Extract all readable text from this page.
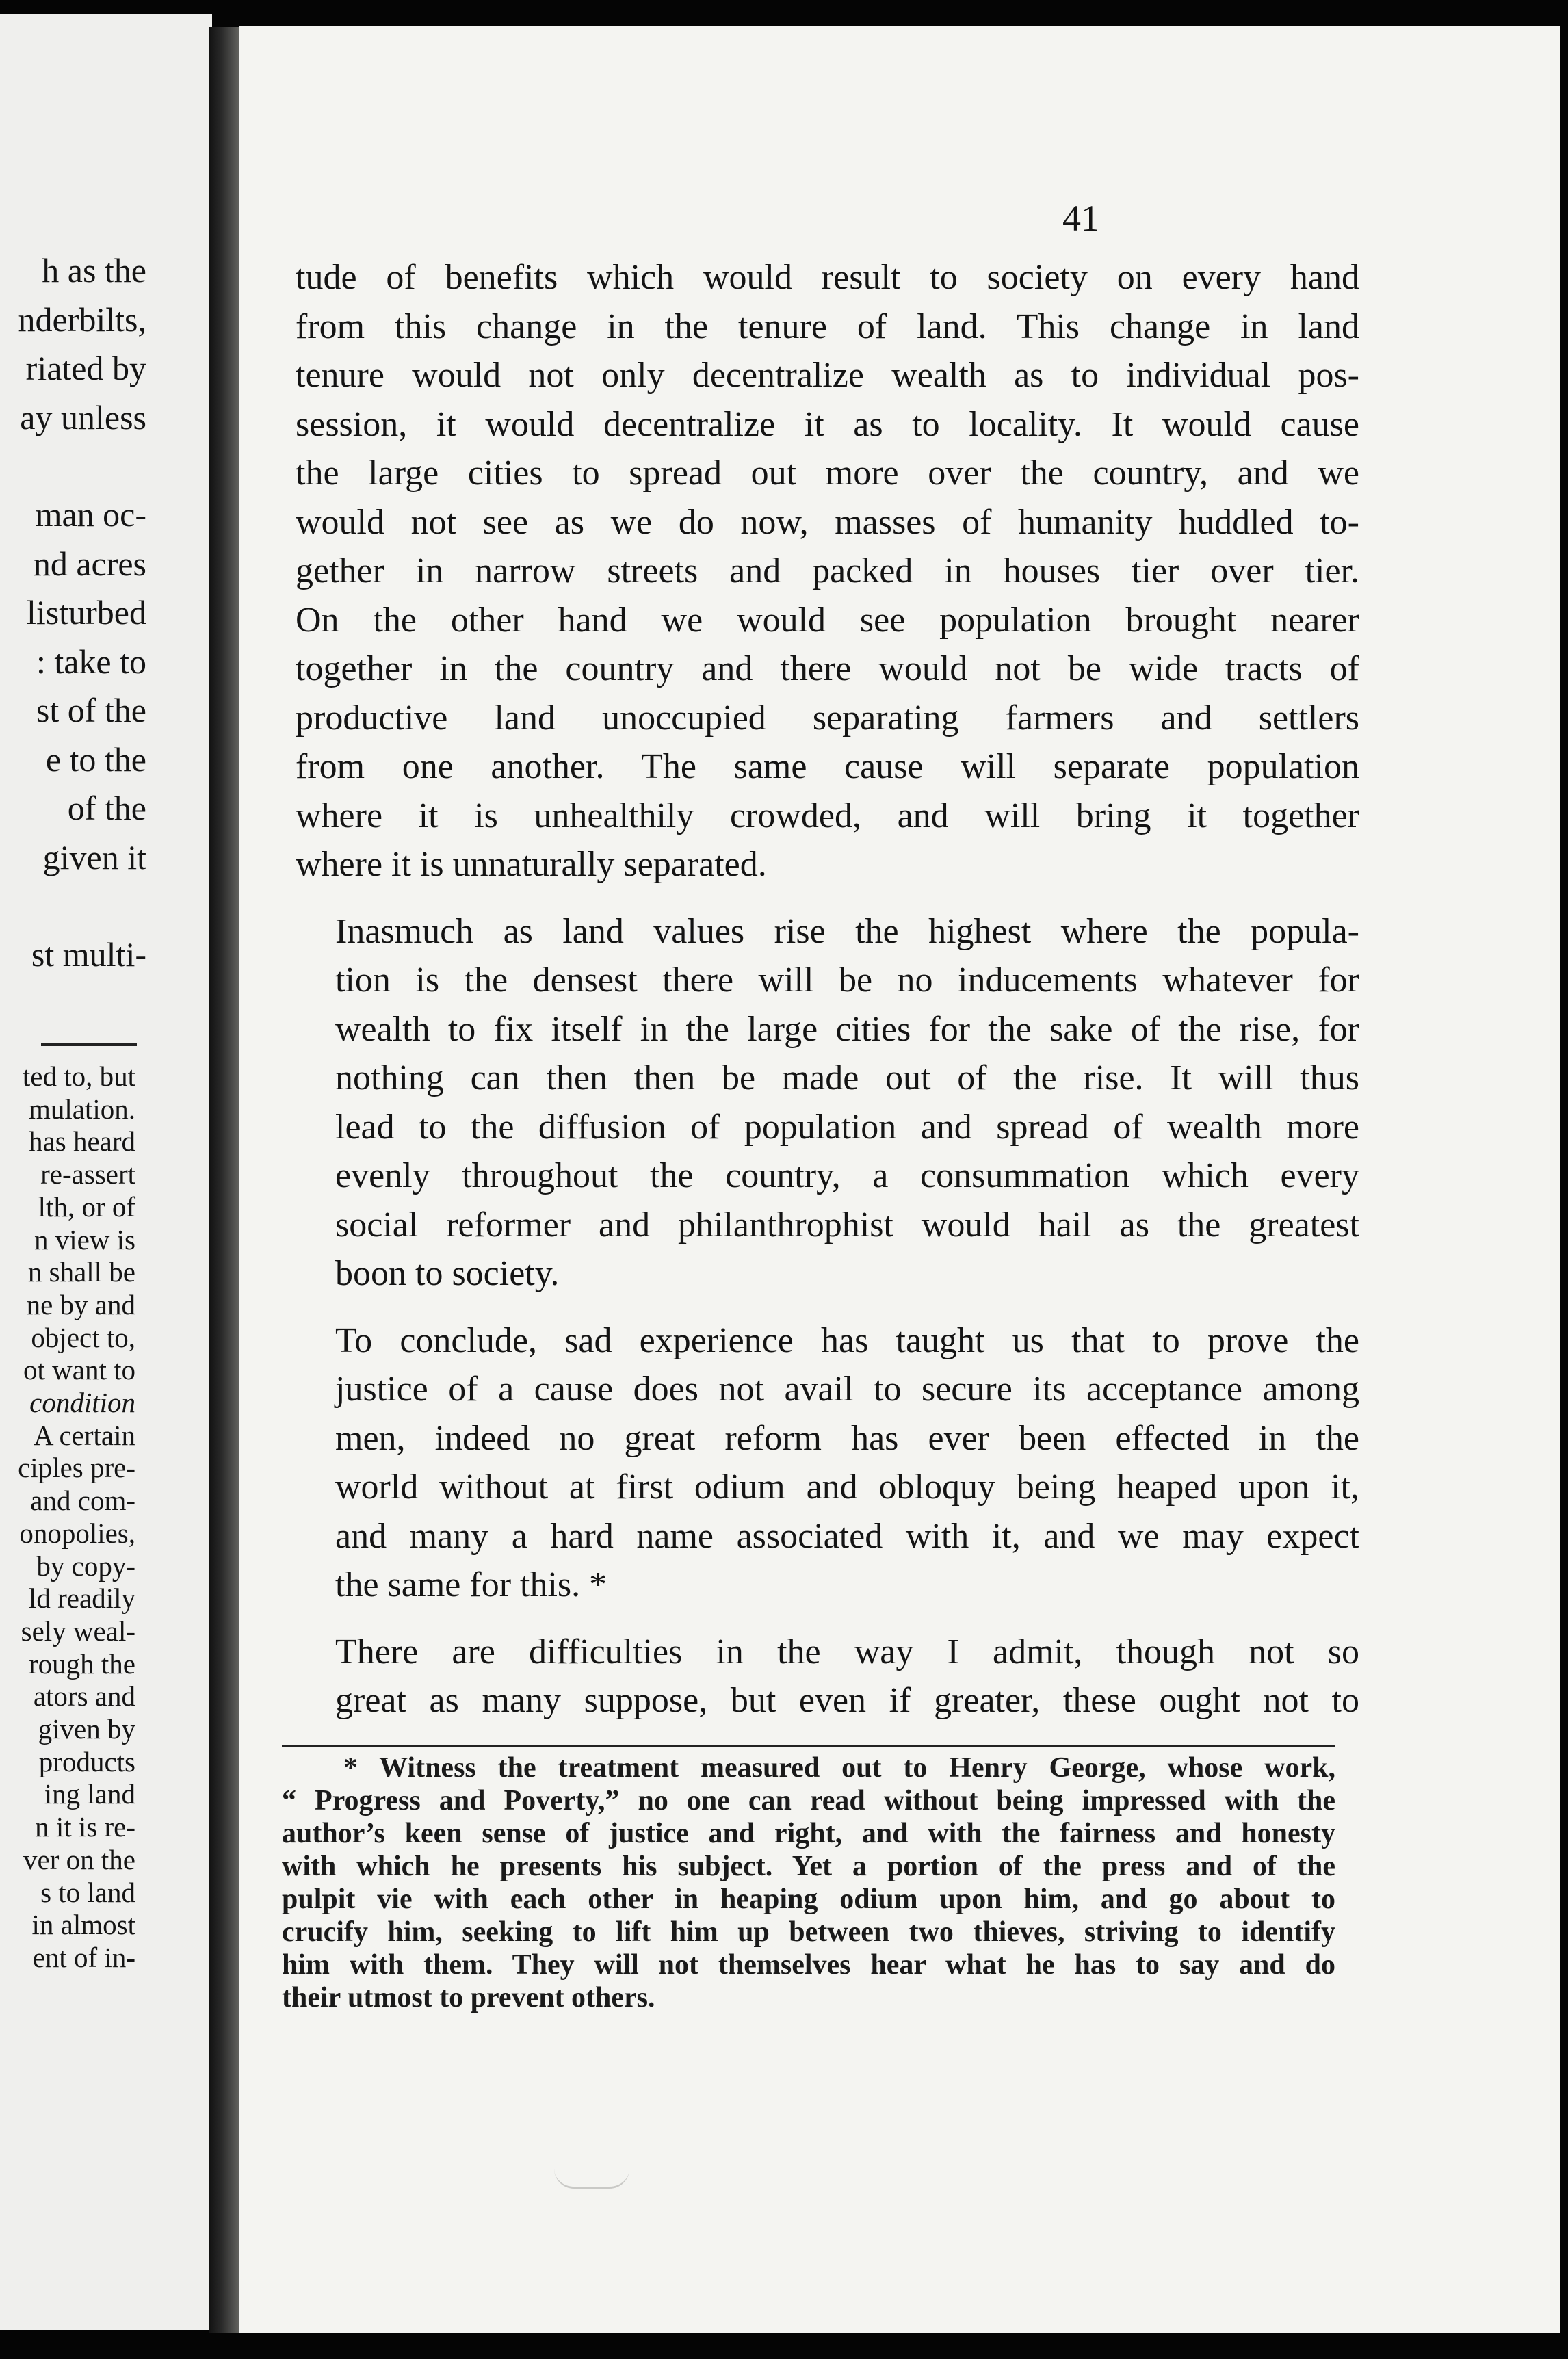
h as the
nderbilts,
riated by
ay unless
man oc-
nd acres
listurbed
: take to
st of the
e to the
of the
given it
st multi-
ted to, but
mulation.
has heard
re-assert
lth, or of
n view is
n shall be
ne by and
object to,
ot want to
condition
A certain
ciples pre-
and com-
onopolies,
by copy-
ld readily
sely weal-
rough the
ators and
given by
products
ing land
n it is re-
ver on the
s to land
in almost
ent of in-
41

tude of benefits which would result to society on every hand
from this change in the tenure of land. This change in land
tenure would not only decentralize wealth as to individual pos-
session, it would decentralize it as to locality. It would cause
the large cities to spread out more over the country, and we
would not see as we do now, masses of humanity huddled to-
gether in narrow streets and packed in houses tier over tier.
On the other hand we would see population brought nearer
together in the country and there would not be wide tracts of
productive land unoccupied separating farmers and settlers
from one another. The same cause will separate population
where it is unhealthily crowded, and will bring it together
where it is unnaturally separated.

Inasmuch as land values rise the highest where the popula-
tion is the densest there will be no inducements whatever for
wealth to fix itself in the large cities for the sake of the rise, for
nothing can then then be made out of the rise. It will thus
lead to the diffusion of population and spread of wealth more
evenly throughout the country, a consummation which every
social reformer and philanthrophist would hail as the greatest
boon to society.

To conclude, sad experience has taught us that to prove the
justice of a cause does not avail to secure its acceptance among
men, indeed no great reform has ever been effected in the
world without at first odium and obloquy being heaped upon it,
and many a hard name associated with it, and we may expect
the same for this. *

There are difficulties in the way I admit, though not so
great as many suppose, but even if greater, these ought not to

* Witness the treatment measured out to Henry George, whose work,
“ Progress and Poverty,” no one can read without being impressed with the
author’s keen sense of justice and right, and with the fairness and honesty
with which he presents his subject. Yet a portion of the press and of the
pulpit vie with each other in heaping odium upon him, and go about to
crucify him, seeking to lift him up between two thieves, striving to identify
him with them. They will not themselves hear what he has to say and do
their utmost to prevent others.
